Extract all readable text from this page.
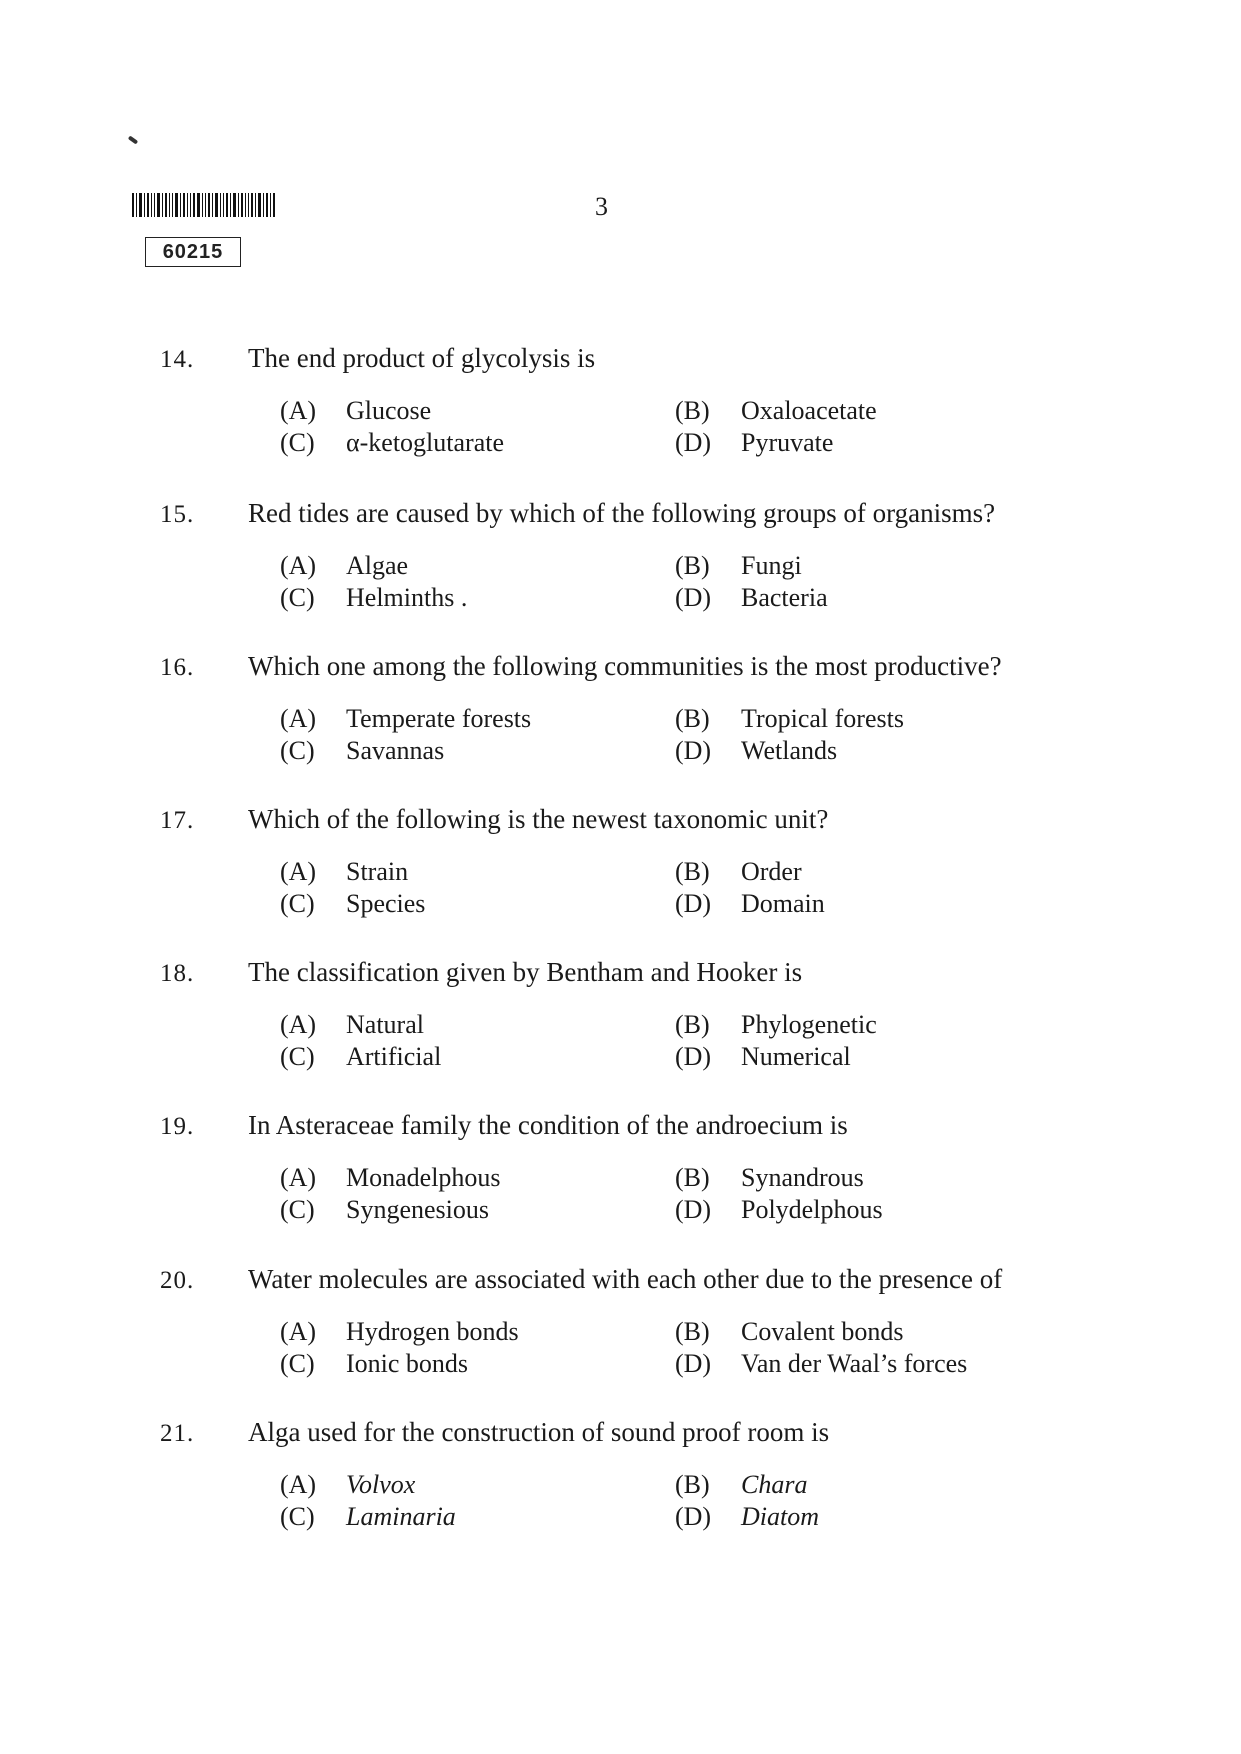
60215
3
14.	The end product of glycolysis is
(A)	Glucose	(B)	Oxaloacetate
(C)	α-ketoglutarate	(D)	Pyruvate
15.	Red tides are caused by which of the following groups of organisms?
(A)	Algae	(B)	Fungi
(C)	Helminths .	(D)	Bacteria
16.	Which one among the following communities is the most productive?
(A)	Temperate forests	(B)	Tropical forests
(C)	Savannas	(D)	Wetlands
17.	Which of the following is the newest taxonomic unit?
(A)	Strain	(B)	Order
(C)	Species	(D)	Domain
18.	The classification given by Bentham and Hooker is
(A)	Natural	(B)	Phylogenetic
(C)	Artificial	(D)	Numerical
19.	In Asteraceae family the condition of the androecium is
(A)	Monadelphous	(B)	Synandrous
(C)	Syngenesious	(D)	Polydelphous
20.	Water molecules are associated with each other due to the presence of
(A)	Hydrogen bonds	(B)	Covalent bonds
(C)	Ionic bonds	(D)	Van der Waal’s forces
21.	Alga used for the construction of sound proof room is
(A)	Volvox	(B)	Chara
(C)	Laminaria	(D)	Diatom
